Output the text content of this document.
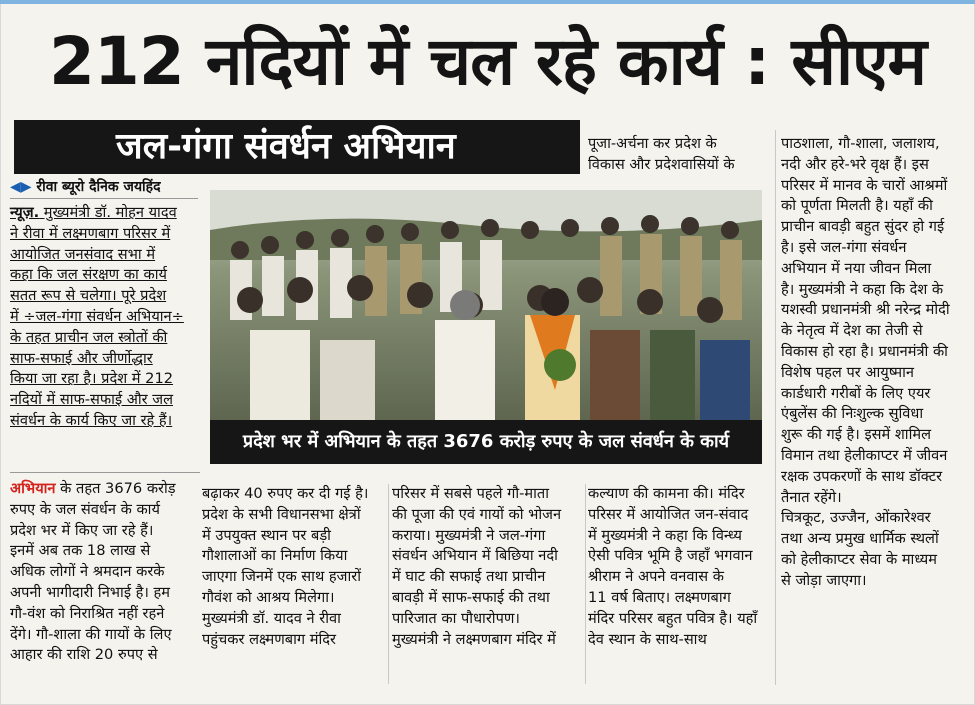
212 नदियों में चल रहे कार्य : सीएम
जल-गंगा संवर्धन अभियान
◀▶ रीवा ब्यूरो दैनिक जयहिंद
न्यूज़. मुख्यमंत्री डॉ. मोहन यादव
ने रीवा में लक्ष्मणबाग परिसर में
आयोजित जनसंवाद सभा में
कहा कि जल संरक्षण का कार्य
सतत रूप से चलेगा। पूरे प्रदेश
में ÷जल-गंगा संवर्धन अभियान÷
के तहत प्राचीन जल स्त्रोतों की
साफ-सफाई और जीर्णोद्धार
किया जा रहा है। प्रदेश में 212
नदियों में साफ-सफाई और जल
संवर्धन के कार्य किए जा रहे हैं।
अभियान के तहत 3676 करोड़
रुपए के जल संवर्धन के कार्य
प्रदेश भर में किए जा रहे हैं।
इनमें अब तक 18 लाख से
अधिक लोगों ने श्रमदान करके
अपनी भागीदारी निभाई है। हम
गौ-वंश को निराश्रित नहीं रहने
देंगे। गौ-शाला की गायों के लिए
आहार की राशि 20 रुपए से
प्रदेश भर में अभियान के तहत 3676 करोड़ रुपए के जल संवर्धन के कार्य
बढ़ाकर 40 रुपए कर दी गई है।
प्रदेश के सभी विधानसभा क्षेत्रों
में उपयुक्त स्थान पर बड़ी
गौशालाओं का निर्माण किया
जाएगा जिनमें एक साथ हजारों
गौवंश को आश्रय मिलेगा।
मुख्यमंत्री डॉ. यादव ने रीवा
पहुंचकर लक्ष्मणबाग मंदिर
परिसर में सबसे पहले गौ-माता
की पूजा की एवं गायों को भोजन
कराया। मुख्यमंत्री ने जल-गंगा
संवर्धन अभियान में बिछिया नदी
में घाट की सफाई तथा प्राचीन
बावड़ी में साफ-सफाई की तथा
पारिजात का पौधारोपण।
मुख्यमंत्री ने लक्ष्मणबाग मंदिर में
पूजा-अर्चना कर प्रदेश के
विकास और प्रदेशवासियों के
कल्याण की कामना की। मंदिर
परिसर में आयोजित जन-संवाद
में मुख्यमंत्री ने कहा कि विन्ध्य
ऐसी पवित्र भूमि है जहाँ भगवान
श्रीराम ने अपने वनवास के
11 वर्ष बिताए। लक्ष्मणबाग
मंदिर परिसर बहुत पवित्र है। यहाँ
देव स्थान के साथ-साथ
पाठशाला, गौ-शाला, जलाशय,
नदी और हरे-भरे वृक्ष हैं। इस
परिसर में मानव के चारों आश्रमों
को पूर्णता मिलती है। यहाँ की
प्राचीन बावड़ी बहुत सुंदर हो गई
है। इसे जल-गंगा संवर्धन
अभियान में नया जीवन मिला
है। मुख्यमंत्री ने कहा कि देश के
यशस्वी प्रधानमंत्री श्री नरेन्द्र मोदी
के नेतृत्व में देश का तेजी से
विकास हो रहा है। प्रधानमंत्री की
विशेष पहल पर आयुष्मान
कार्डधारी गरीबों के लिए एयर
एंबुलेंस की निःशुल्क सुविधा
शुरू की गई है। इसमें शामिल
विमान तथा हेलीकाप्टर में जीवन
रक्षक उपकरणों के साथ डॉक्टर
तैनात रहेंगे।
चित्रकूट, उज्जैन, ओंकारेश्वर
तथा अन्य प्रमुख धार्मिक स्थलों
को हेलीकाप्टर सेवा के माध्यम
से जोड़ा जाएगा।
